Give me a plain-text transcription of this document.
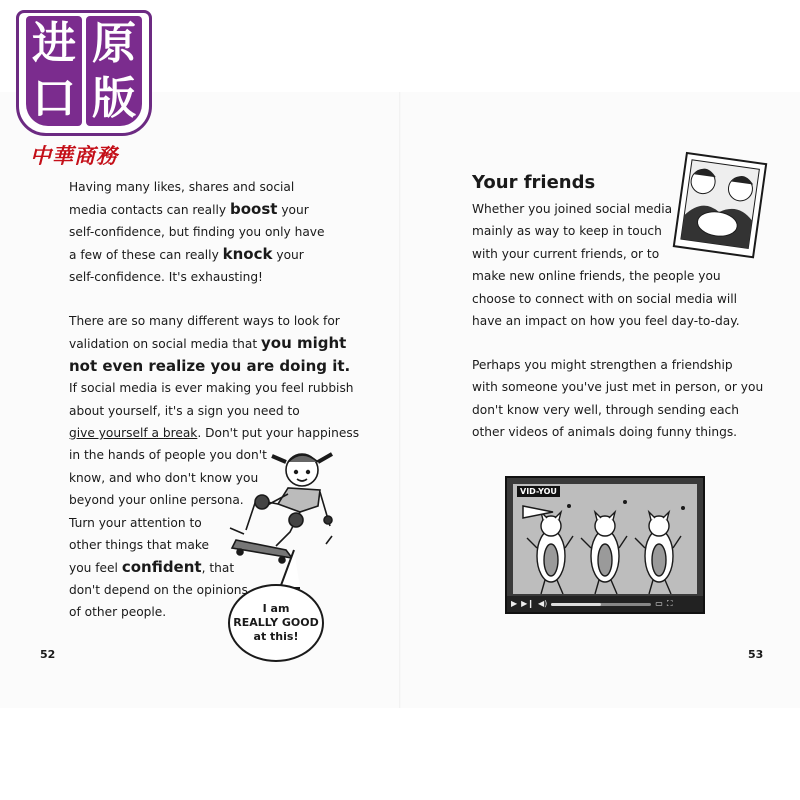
进
口
原
版
中華商務
Having many likes, shares and social
media contacts can really boost your
self-confidence, but finding you only have
a few of these can really knock your
self-confidence. It's exhausting!
There are so many different ways to look for
validation on social media that you might
not even realize you are doing it.
If social media is ever making you feel rubbish
about yourself, it's a sign you need to
give yourself a break. Don't put your happiness
in the hands of people you don't
know, and who don't know you
beyond your online persona.
Turn your attention to
other things that make
you feel confident, that
don't depend on the opinions
of other people.	I am
REALLY GOOD
at this!
52
Your friends
Whether you joined social media
mainly as way to keep in touch
with your current friends, or to
make new online friends, the people you
choose to connect with on social media will
have an impact on how you feel day-to-day.
Perhaps you might strengthen a friendship
with someone you've just met in person, or you
don't know very well, through sending each
other videos of animals doing funny things.
VID-YOU
▶ ▶❙ ◀)	▭ ⛶
53
